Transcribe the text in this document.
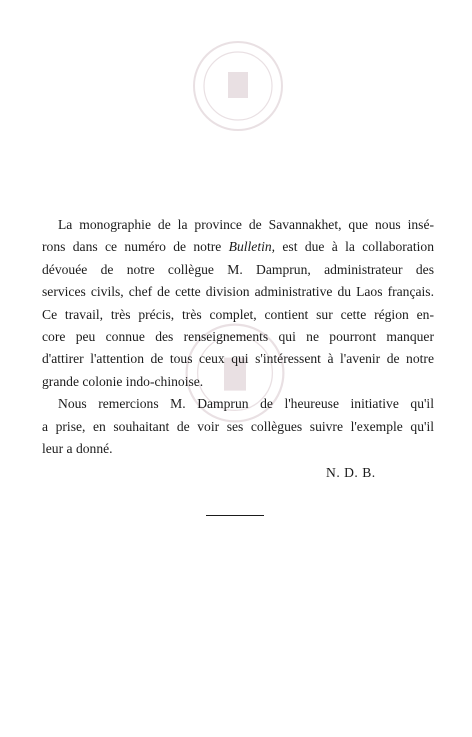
La monographie de la province de Savannakhet, que nous insé-
rons dans ce numéro de notre Bulletin, est due à la collaboration
dévouée de notre collègue M. Damprun, administrateur des
services civils, chef de cette division administrative du Laos français.
Ce travail, très précis, très complet, contient sur cette région en-
core peu connue des renseignements qui ne pourront manquer
d'attirer l'attention de tous ceux qui s'intéressent à l'avenir de notre
grande colonie indo-chinoise.
Nous remercions M. Damprun de l'heureuse initiative qu'il
a prise, en souhaitant de voir ses collègues suivre l'exemple qu'il
leur a donné.
N. D. B.
